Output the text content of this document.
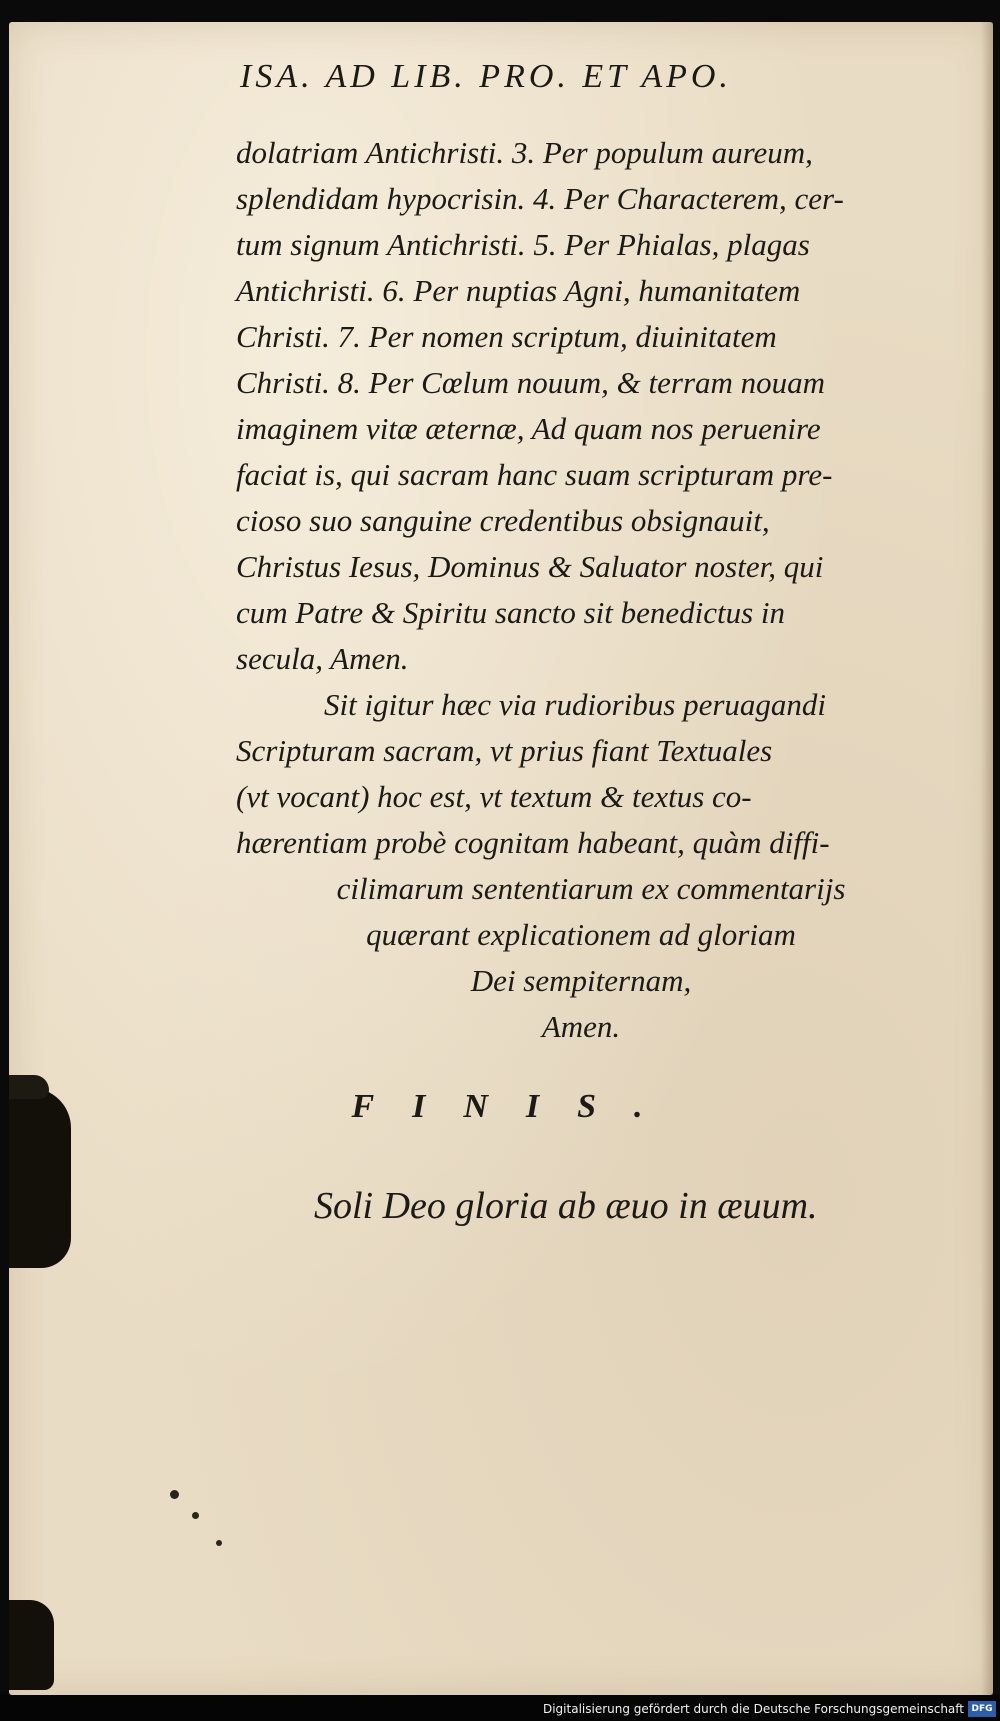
ISA. AD LIB. PRO. ET APO.
dolatriam Antichristi. 3. Per populum aureum,
splendidam hypocrisin. 4. Per Characterem, cer-
tum signum Antichristi. 5. Per Phialas, plagas
Antichristi. 6. Per nuptias Agni, humanitatem
Christi. 7. Per nomen scriptum, diuinitatem
Christi. 8. Per Cœlum nouum, & terram nouam
imaginem vitæ æternæ, Ad quam nos peruenire
faciat is, qui sacram hanc suam scripturam pre-
cioso suo sanguine credentibus obsignauit,
Christus Iesus, Dominus & Saluator noster, qui
cum Patre & Spiritu sancto sit benedictus in
secula, Amen.
Sit igitur hæc via rudioribus peruagandi
Scripturam sacram, vt prius fiant Textuales
(vt vocant) hoc est, vt textum & textus co-
hærentiam probè cognitam habeant, quàm diffi-
cilimarum sententiarum ex commentarijs
quærant explicationem ad gloriam
Dei sempiternam,
Amen.
FINIS.
Soli Deo gloria ab æuo in æuum.
Digitalisierung gefördert durch die Deutsche Forschungsgemeinschaft DFG
